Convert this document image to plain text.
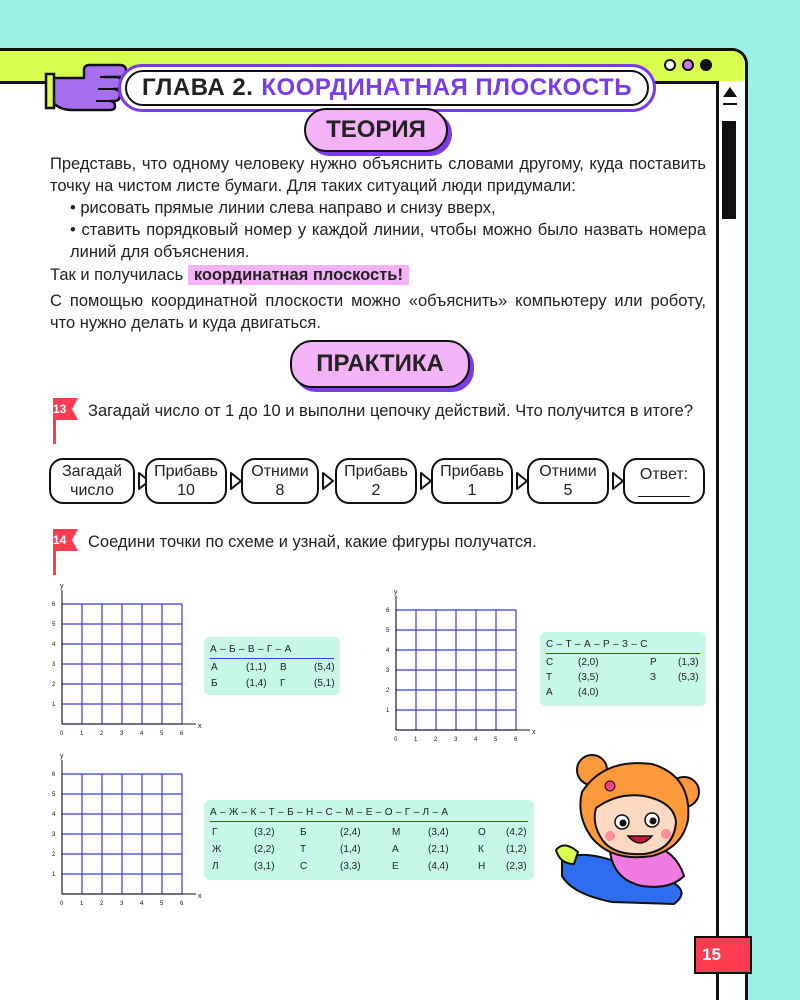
ГЛАВА 2. КООРДИНАТНАЯ ПЛОСКОСТЬ
ТЕОРИЯ

Представь, что одному человеку нужно объяснить словами другому, куда поставить точку на чистом листе бумаги. Для таких ситуаций люди придумали:

• рисовать прямые линии слева направо и снизу вверх,

• ставить порядковый номер у каждой линии, чтобы можно было назвать номера линий для объяснения.

Так и получилась координатная плоскость!

С помощью координатной плоскости можно «объяснить» компьютеру или роботу, что нужно делать и куда двигаться.
ПРАКТИКА
13 Загадай число от 1 до 10 и выполни цепочку действий. Что получится в итоге?
Загадай
число
Прибавь
10
Отними
8
Прибавь
2
Прибавь
1
Отними
5
Ответ:
14 Соедини точки по схеме и узнай, какие фигуры получатся.
0	1
1
2
2
3
3
4
4
5
5
6
6
x
y
0	1
1
2
2
3
3
4
4
5
5
6
6
x
y
0	1
1
2
2
3
3
4
4
5
5
6
6
x
y
А – Б – В – Г – А
А	(1,1) В	(5,4)
Б	(1,4) Г	(5,1)
С – Т – А – Р – З – С
С (2,0)	Р (1,3)
Т	(3,5)	З (5,3)
А	(4,0)
А – Ж – К – Т – Б – Н – С – М – Е – О – Г – Л – А
Г	(3,2)	Б	(2,4)	М	(3,4)	О (4,2)
Ж	(2,2)	Т	(1,4)	А	(2,1)	К (1,2)
Л	(3,1)	С	(3,3)	Е	(4,4)	Н (2,3)
15
